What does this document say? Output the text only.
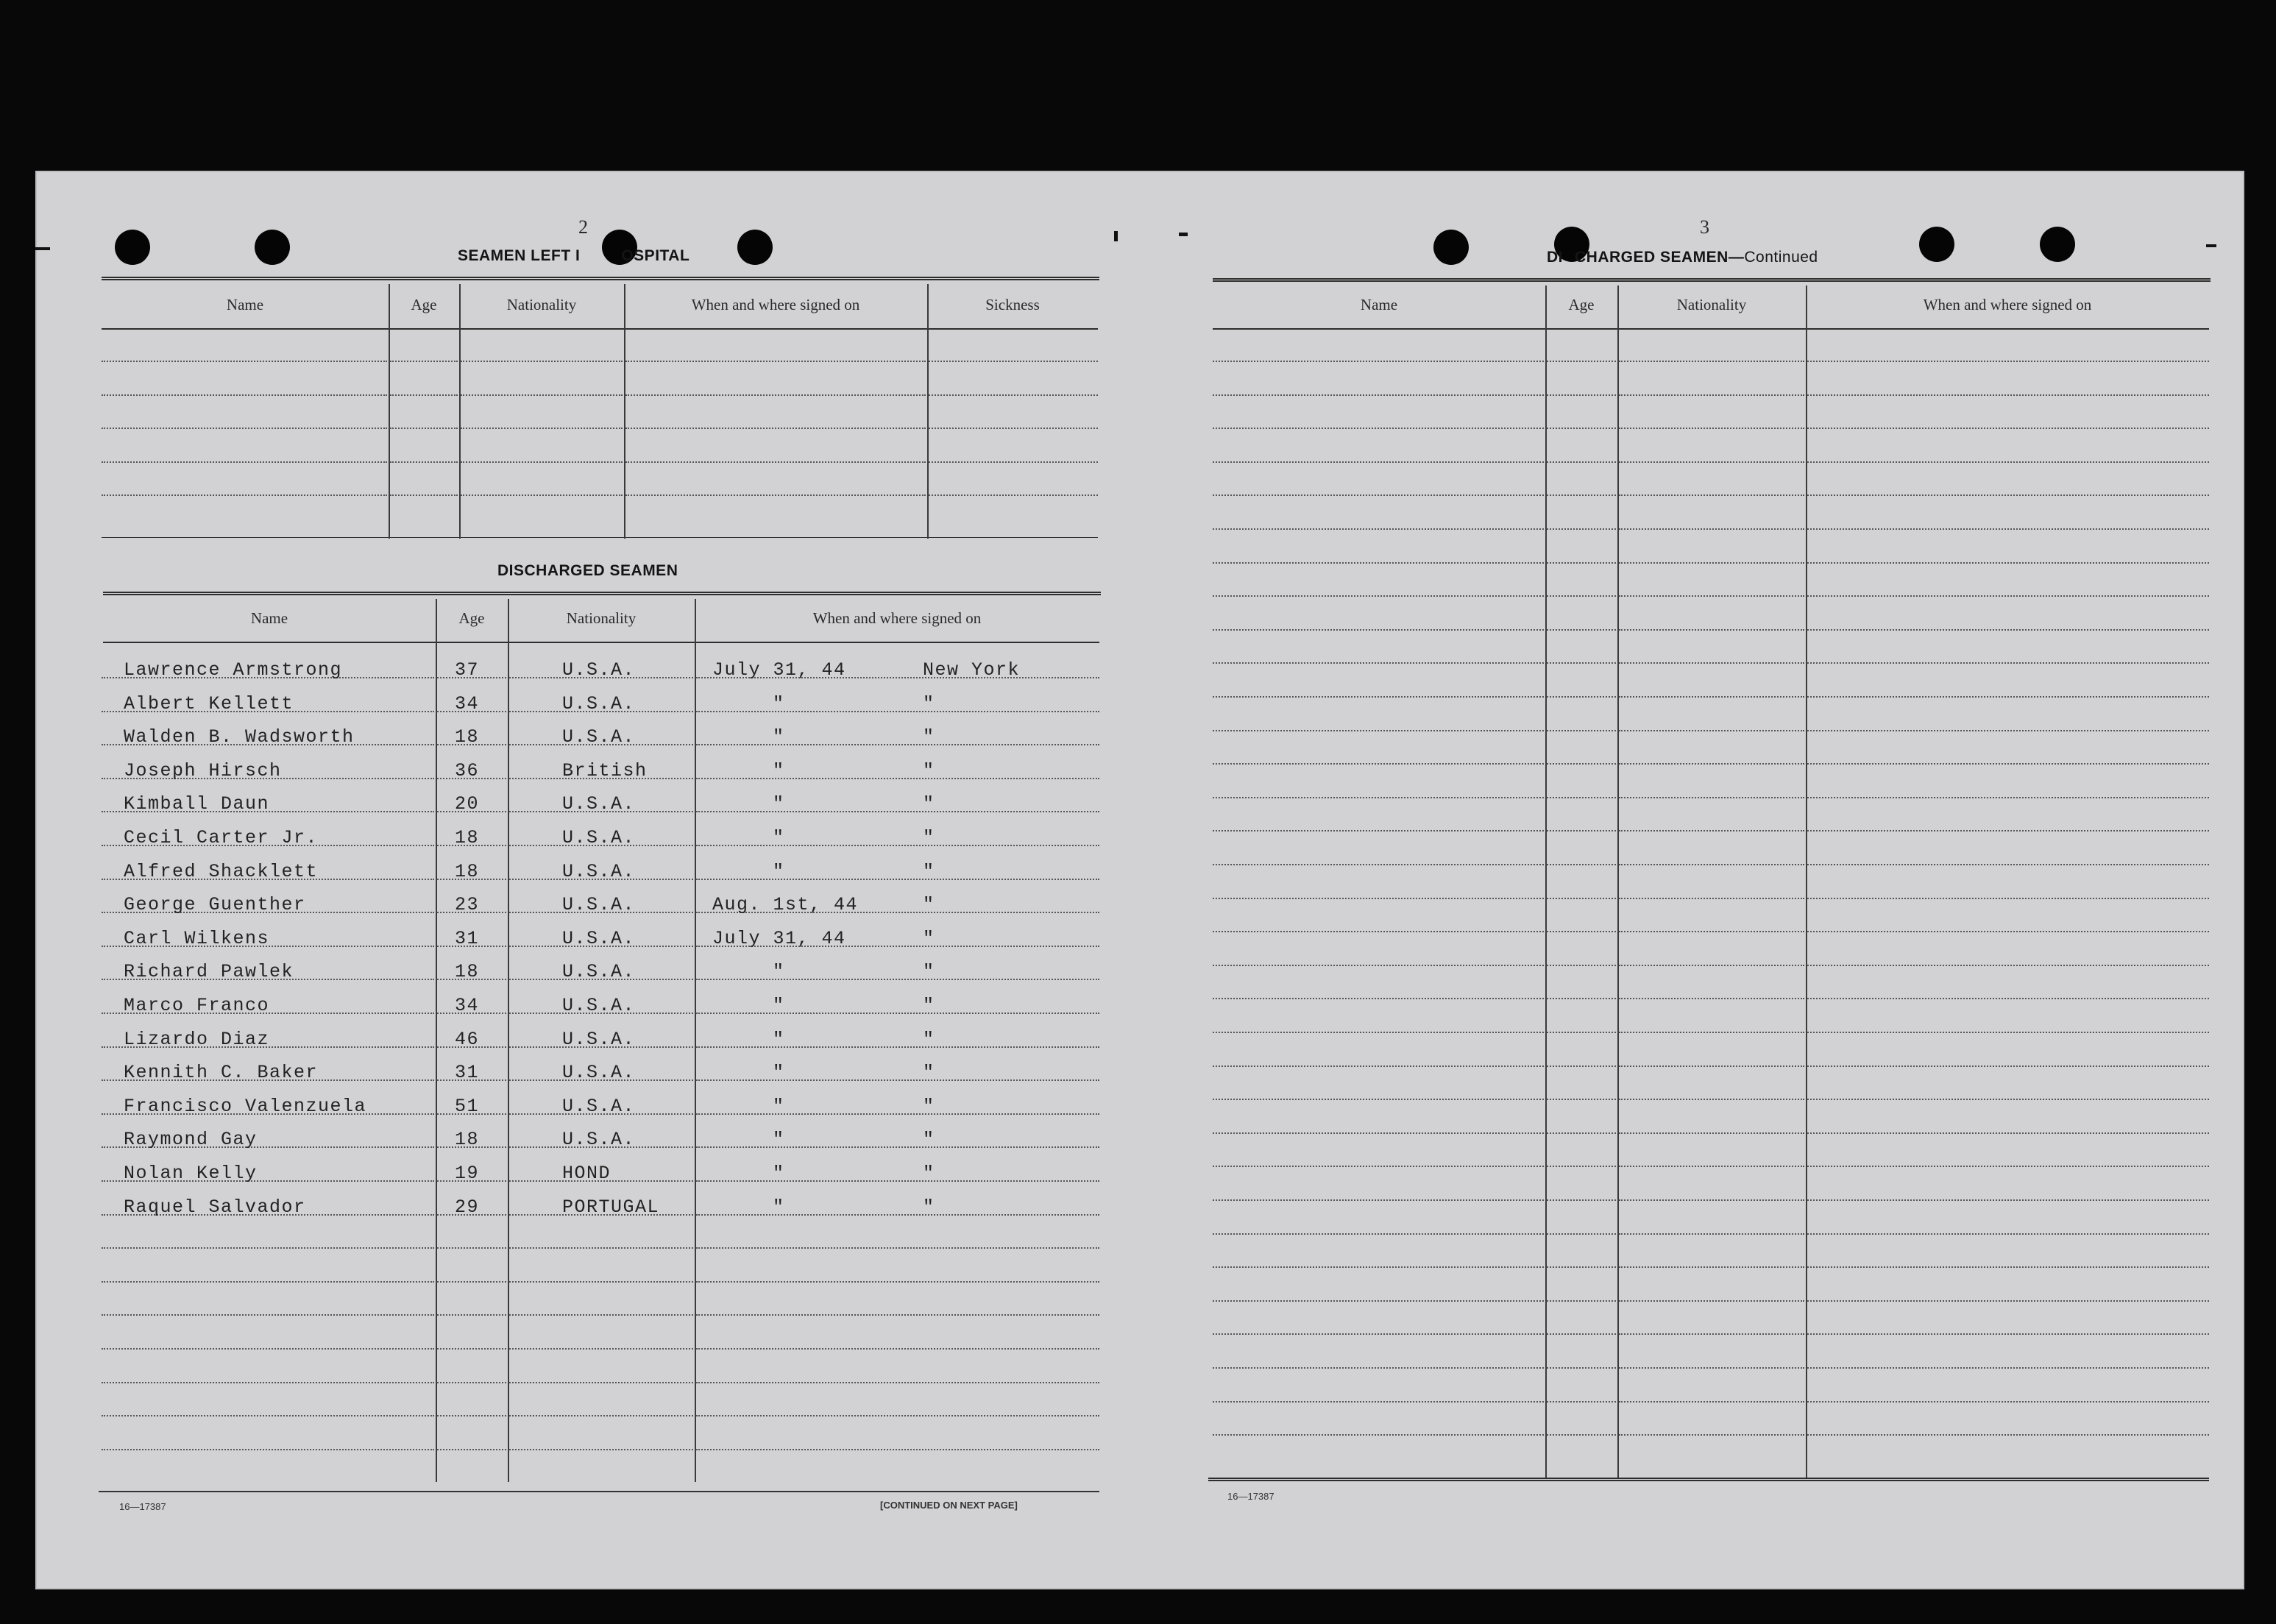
2
SEAMEN LEFT I	OSPITAL
Name	Age	Nationality	When and where signed on	Sickness
DISCHARGED SEAMEN
Name	Age	Nationality	When and where signed on
Lawrence Armstrong	37	U.S.A.	July 31, 44	New York
Albert Kellett	34	U.S.A.	"	"
Walden B. Wadsworth	18	U.S.A.	"	"
Joseph Hirsch	36	British	"	"
Kimball Daun	20	U.S.A.	"	"
Cecil Carter Jr.	18	U.S.A.	"	"
Alfred Shacklett	18	U.S.A.	"	"
George Guenther	23	U.S.A.	Aug. 1st, 44	"
Carl Wilkens	31	U.S.A.	July 31, 44	"
Richard Pawlek	18	U.S.A.	"	"
Marco Franco	34	U.S.A.	"	"
Lizardo Diaz	46	U.S.A.	"	"
Kennith C. Baker	31	U.S.A.	"	"
Francisco Valenzuela	51	U.S.A.	"	"
Raymond Gay	18	U.S.A.	"	"
Nolan Kelly	19	HOND	"	"
Raquel Salvador	29	PORTUGAL	"	"
16—17387	[CONTINUED ON NEXT PAGE]
3
DI CHARGED SEAMEN—Continued
Name	Age	Nationality	When and where signed on
16—17387
